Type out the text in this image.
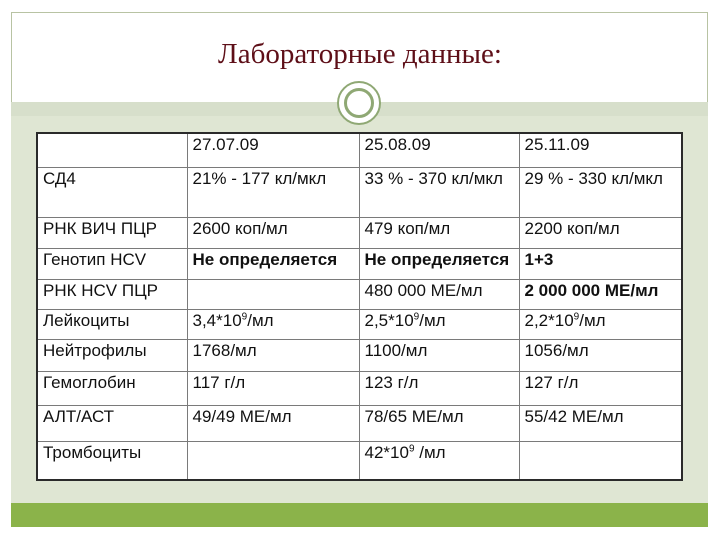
Лабораторные данные:
	27.07.09	25.08.09	25.11.09
СД4	21% - 177 кл/мкл	33 % - 370 кл/мкл	29 % - 330 кл/мкл
РНК ВИЧ ПЦР	2600 коп/мл	479 коп/мл	2200 коп/мл
Генотип HCV	Не определяется	Не определяется	1+3
РНК HCV ПЦР		480 000 МЕ/мл	2 000 000 МЕ/мл
Лейкоциты	$3,4*10^9/мл$	$2,5*10^9/мл$	$2,2*10^9/мл$
Нейтрофилы	1768/мл	1100/мл	1056/мл
Гемоглобин	117 г/л	123 г/л	127 г/л
АЛТ/АСТ	49/49 МЕ/мл	78/65 МЕ/мл	55/42 МЕ/мл
Тромбоциты		$42*10^9$ /мл	
